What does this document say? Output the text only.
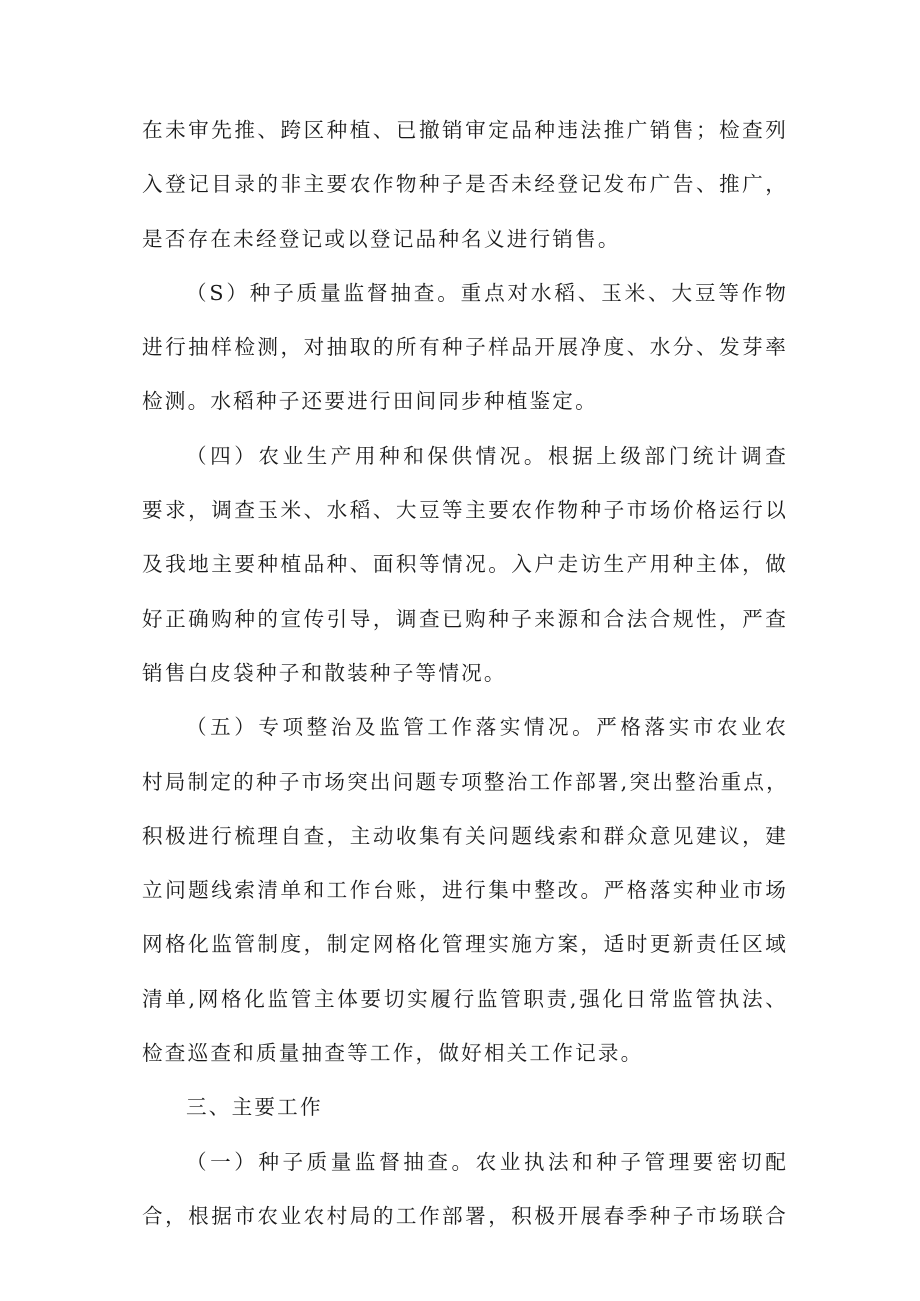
在未审先推、跨区种植、已撤销审定品种违法推广销售；检查列
入登记目录的非主要农作物种子是否未经登记发布广告、推广，
是否存在未经登记或以登记品种名义进行销售。
（S）种子质量监督抽查。重点对水稻、玉米、大豆等作物
进行抽样检测，对抽取的所有种子样品开展净度、水分、发芽率
检测。水稻种子还要进行田间同步种植鉴定。
（四）农业生产用种和保供情况。根据上级部门统计调查
要求，调查玉米、水稻、大豆等主要农作物种子市场价格运行以
及我地主要种植品种、面积等情况。入户走访生产用种主体，做
好正确购种的宣传引导，调查已购种子来源和合法合规性，严查
销售白皮袋种子和散装种子等情况。
（五）专项整治及监管工作落实情况。严格落实市农业农
村局制定的种子市场突出问题专项整治工作部署,突出整治重点，
积极进行梳理自查，主动收集有关问题线索和群众意见建议，建
立问题线索清单和工作台账，进行集中整改。严格落实种业市场
网格化监管制度，制定网格化管理实施方案，适时更新责任区域
清单,网格化监管主体要切实履行监管职责,强化日常监管执法、
检查巡查和质量抽查等工作，做好相关工作记录。
三、主要工作
（一）种子质量监督抽查。农业执法和种子管理要密切配
合，根据市农业农村局的工作部署，积极开展春季种子市场联合
